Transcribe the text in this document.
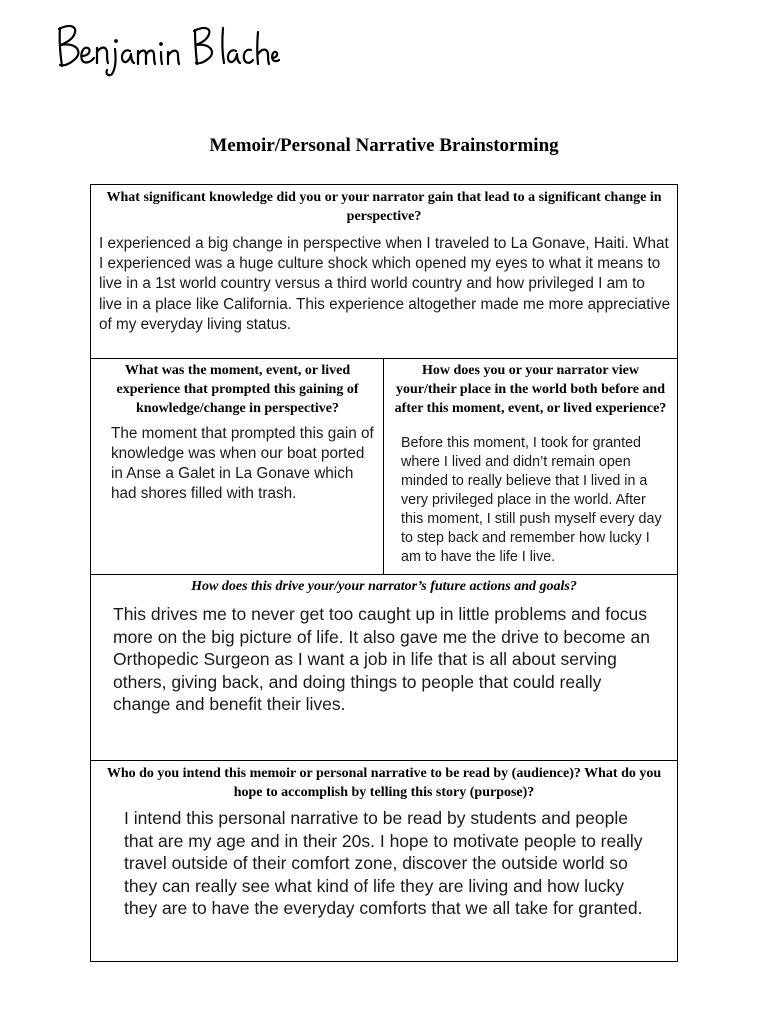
Memoir/Personal Narrative Brainstorming
What significant knowledge did you or your narrator gain that lead to a significant change in perspective?
I experienced a big change in perspective when I traveled to La Gonave, Haiti. What I experienced was a huge culture shock which opened my eyes to what it means to live in a 1st world country versus a third world country and how privileged I am to live in a place like California. This experience altogether made me more appreciative of my everyday living status.
What was the moment, event, or lived experience that prompted this gaining of knowledge/change in perspective?
The moment that prompted this gain of knowledge was when our boat ported in Anse a Galet in La Gonave which had shores filled with trash.
How does you or your narrator view your/their place in the world both before and after this moment, event, or lived experience?
Before this moment, I took for granted where I lived and didn’t remain open minded to really believe that I lived in a very privileged place in the world. After this moment, I still push myself every day to step back and remember how lucky I am to have the life I live.
How does this drive your/your narrator’s future actions and goals?
This drives me to never get too caught up in little problems and focus more on the big picture of life. It also gave me the drive to become an Orthopedic Surgeon as I want a job in life that is all about serving others, giving back, and doing things to people that could really change and benefit their lives.
Who do you intend this memoir or personal narrative to be read by (audience)? What do you hope to accomplish by telling this story (purpose)?
I intend this personal narrative to be read by students and people that are my age and in their 20s. I hope to motivate people to really travel outside of their comfort zone, discover the outside world so they can really see what kind of life they are living and how lucky they are to have the everyday comforts that we all take for granted.
